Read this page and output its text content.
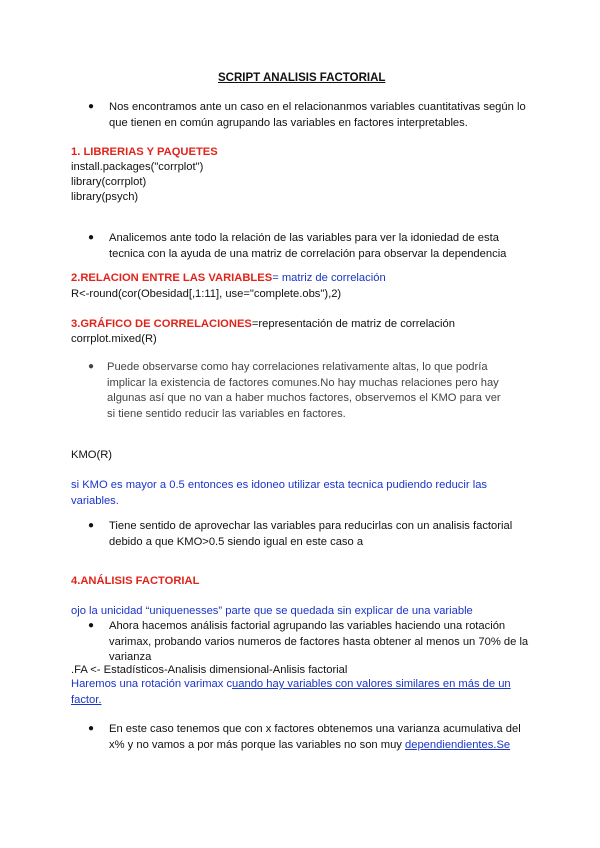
SCRIPT ANALISIS FACTORIAL
● Nos encontramos ante un caso en el relacionanmos variables cuantitativas según lo que tienen en común agrupando las variables en factores interpretables.
1. LIBRERIAS Y PAQUETES
install.packages("corrplot")
library(corrplot)
library(psych)
● Analicemos ante todo la relación de las variables para ver la idoniedad de esta tecnica con la ayuda de una matriz de correlación para observar la dependencia
2.RELACION ENTRE LAS VARIABLES= matriz de correlación
R<-round(cor(Obesidad[,1:11], use="complete.obs"),2)
3.GRÁFICO DE CORRELACIONES=representación de matriz de correlación
corrplot.mixed(R)
● Puede observarse como hay correlaciones relativamente altas, lo que podría implicar la existencia de factores comunes.No hay muchas relaciones pero hay algunas así que no van a haber muchos factores, observemos el KMO para ver si tiene sentido reducir las variables en factores.
KMO(R)
si KMO es mayor a 0.5 entonces es idoneo utilizar esta tecnica pudiendo reducir las variables.
● Tiene sentido de aprovechar las variables para reducirlas con un analisis factorial debido a que KMO>0.5 siendo igual en este caso a
4.ANÁLISIS FACTORIAL
ojo la unicidad “uniquenesses” parte que se quedada sin explicar de una variable
● Ahora hacemos análisis factorial agrupando las variables haciendo una rotación varimax, probando varios numeros de factores hasta obtener al menos un 70% de la varianza
.FA <- Estadísticos-Analisis dimensional-Anlisis factorial
Haremos una rotación varimax cuando hay variables con valores similares en más de un factor.
● En este caso tenemos que con x factores obtenemos una varianza acumulativa del x% y no vamos a por más porque las variables no son muy dependiendientes.Se
